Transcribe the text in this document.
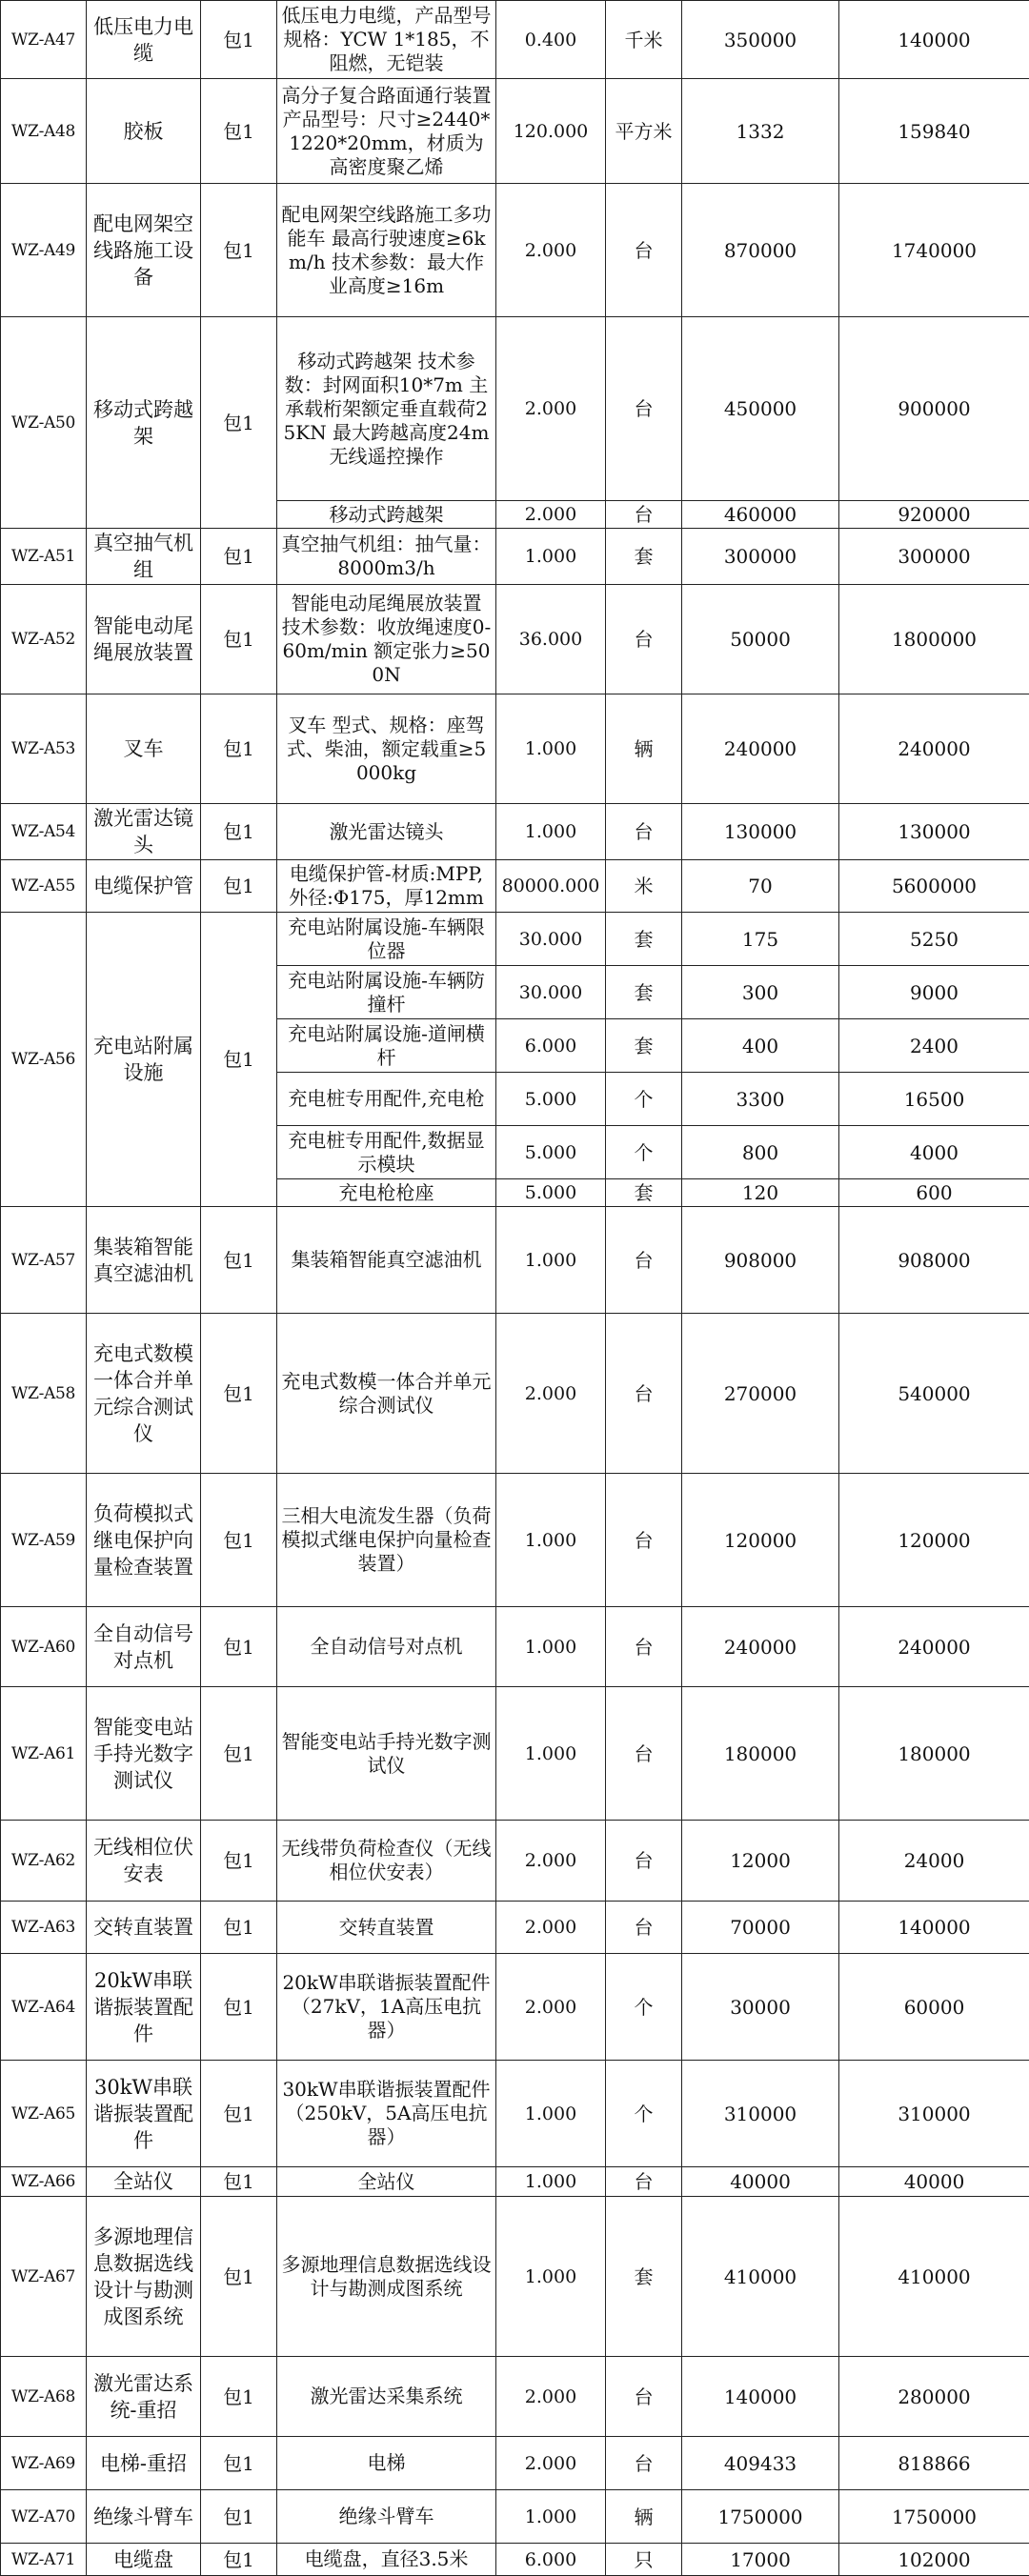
WZ-A47	低压电力电缆	包1	低压电力电缆，产品型号规格：YCW 1*185，不阻燃，无铠装	0.400	千米	350000	140000
WZ-A48	胶板	包1	高分子复合路面通行装置产品型号：尺寸≥2440*1220*20mm，材质为高密度聚乙烯	120.000	平方米	1332	159840
WZ-A49	配电网架空线路施工设备	包1	配电网架空线路施工多功能车 最高行驶速度≥6km/h 技术参数：最大作业高度≥16m	2.000	台	870000	1740000
WZ-A50	移动式跨越架	包1	移动式跨越架 技术参数：封网面积10*7m 主承载桁架额定垂直载荷25KN 最大跨越高度24m 无线遥控操作	2.000	台	450000	900000
			移动式跨越架	2.000	台	460000	920000
WZ-A51	真空抽气机组	包1	真空抽气机组：抽气量：8000m3/h	1.000	套	300000	300000
WZ-A52	智能电动尾绳展放装置	包1	智能电动尾绳展放装置 技术参数：收放绳速度0-60m/min 额定张力≥500N	36.000	台	50000	1800000
WZ-A53	叉车	包1	叉车 型式、规格：座驾式、柴油，额定载重≥5000kg	1.000	辆	240000	240000
WZ-A54	激光雷达镜头	包1	激光雷达镜头	1.000	台	130000	130000
WZ-A55	电缆保护管	包1	电缆保护管-材质:MPP,外径:Φ175，厚12mm	80000.000	米	70	5600000
WZ-A56	充电站附属设施	包1	充电站附属设施-车辆限位器	30.000	套	175	5250
			充电站附属设施-车辆防撞杆	30.000	套	300	9000
			充电站附属设施-道闸横杆	6.000	套	400	2400
			充电桩专用配件,充电枪	5.000	个	3300	16500
			充电桩专用配件,数据显示模块	5.000	个	800	4000
			充电枪枪座	5.000	套	120	600
WZ-A57	集装箱智能真空滤油机	包1	集装箱智能真空滤油机	1.000	台	908000	908000
WZ-A58	充电式数模一体合并单元综合测试仪	包1	充电式数模一体合并单元综合测试仪	2.000	台	270000	540000
WZ-A59	负荷模拟式继电保护向量检查装置	包1	三相大电流发生器（负荷模拟式继电保护向量检查装置）	1.000	台	120000	120000
WZ-A60	全自动信号对点机	包1	全自动信号对点机	1.000	台	240000	240000
WZ-A61	智能变电站手持光数字测试仪	包1	智能变电站手持光数字测试仪	1.000	台	180000	180000
WZ-A62	无线相位伏安表	包1	无线带负荷检查仪（无线相位伏安表）	2.000	台	12000	24000
WZ-A63	交转直装置	包1	交转直装置	2.000	台	70000	140000
WZ-A64	20kW串联谐振装置配件	包1	20kW串联谐振装置配件（27kV，1A高压电抗器）	2.000	个	30000	60000
WZ-A65	30kW串联谐振装置配件	包1	30kW串联谐振装置配件（250kV，5A高压电抗器）	1.000	个	310000	310000
WZ-A66	全站仪	包1	全站仪	1.000	台	40000	40000
WZ-A67	多源地理信息数据选线设计与勘测成图系统	包1	多源地理信息数据选线设计与勘测成图系统	1.000	套	410000	410000
WZ-A68	激光雷达系统-重招	包1	激光雷达采集系统	2.000	台	140000	280000
WZ-A69	电梯-重招	包1	电梯	2.000	台	409433	818866
WZ-A70	绝缘斗臂车	包1	绝缘斗臂车	1.000	辆	1750000	1750000
WZ-A71	电缆盘	包1	电缆盘，直径3.5米	6.000	只	17000	102000
